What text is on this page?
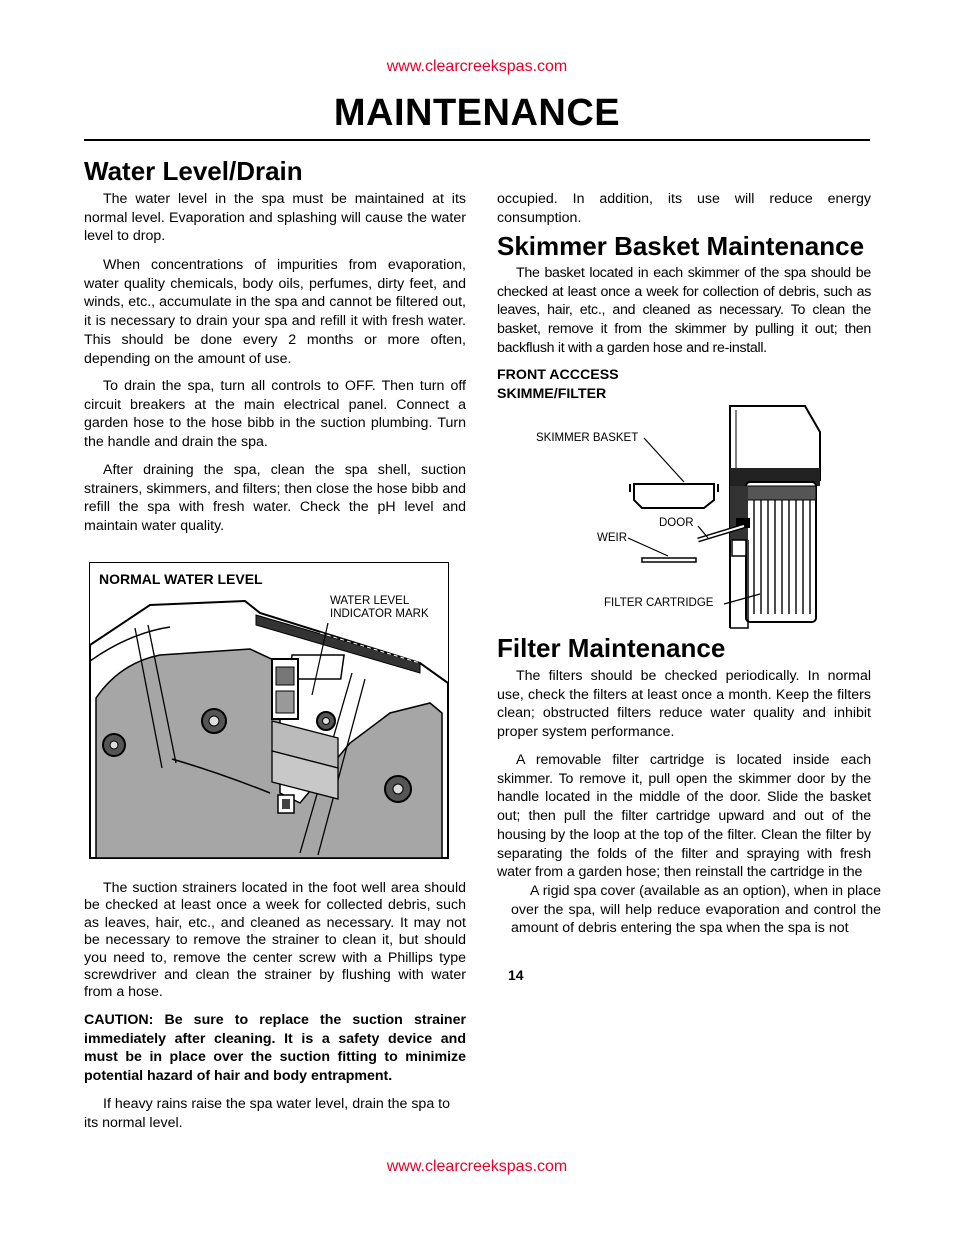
www.clearcreekspas.com
MAINTENANCE
Water Level/Drain

The water level in the spa must be maintained at its normal level. Evaporation and splashing will cause the water level to drop.

When concentrations of impurities from evaporation, water quality chemicals, body oils, perfumes, dirty feet, and winds, etc., accumulate in the spa and cannot be filtered out, it is necessary to drain your spa and refill it with fresh water. This should be done every 2 months or more often, depending on the amount of use.

To drain the spa, turn all controls to OFF. Then turn off circuit breakers at the main electrical panel. Connect a garden hose to the hose bibb in the suction plumbing. Turn the handle and drain the spa.

After draining the spa, clean the spa shell, suction strainers, skimmers, and filters; then close the hose bibb and refill the spa with fresh water. Check the pH level and maintain water quality.

NORMAL WATER LEVEL
WATER LEVEL
INDICATOR MARK

The suction strainers located in the foot well area should be checked at least once a week for collected debris, such as leaves, hair, etc., and cleaned as necessary. It may not be necessary to remove the strainer to clean it, but should you need to, remove the center screw with a Phillips type screwdriver and clean the strainer by flushing with water from a hose.

CAUTION: Be sure to replace the suction strainer immediately after cleaning. It is a safety device and must be in place over the suction fitting to minimize potential hazard of hair and body entrapment.

If heavy rains raise the spa water level, drain the spa to its normal level.

occupied. In addition, its use will reduce energy consumption.

Skimmer Basket Maintenance

The basket located in each skimmer of the spa should be checked at least once a week for collection of debris, such as leaves, hair, etc., and cleaned as necessary. To clean the basket, remove it from the skimmer by pulling it out; then backflush it with a garden hose and re-install.

FRONT ACCCESS
SKIMME/FILTER
SKIMMER BASKET
DOOR
WEIR
FILTER CARTRIDGE
Filter Maintenance

The filters should be checked periodically. In normal use, check the filters at least once a month. Keep the filters clean; obstructed filters reduce water quality and inhibit proper system performance.

A removable filter cartridge is located inside each skimmer. To remove it, pull open the skimmer door by the handle located in the middle of the door. Slide the basket out; then pull the filter cartridge upward and out of the housing by the loop at the top of the filter. Clean the filter by separating the folds of the filter and spraying with fresh water from a garden hose; then reinstall the cartridge in the

A rigid spa cover (available as an option), when in place over the spa, will help reduce evaporation and control the amount of debris entering the spa when the spa is not

14
www.clearcreekspas.com
